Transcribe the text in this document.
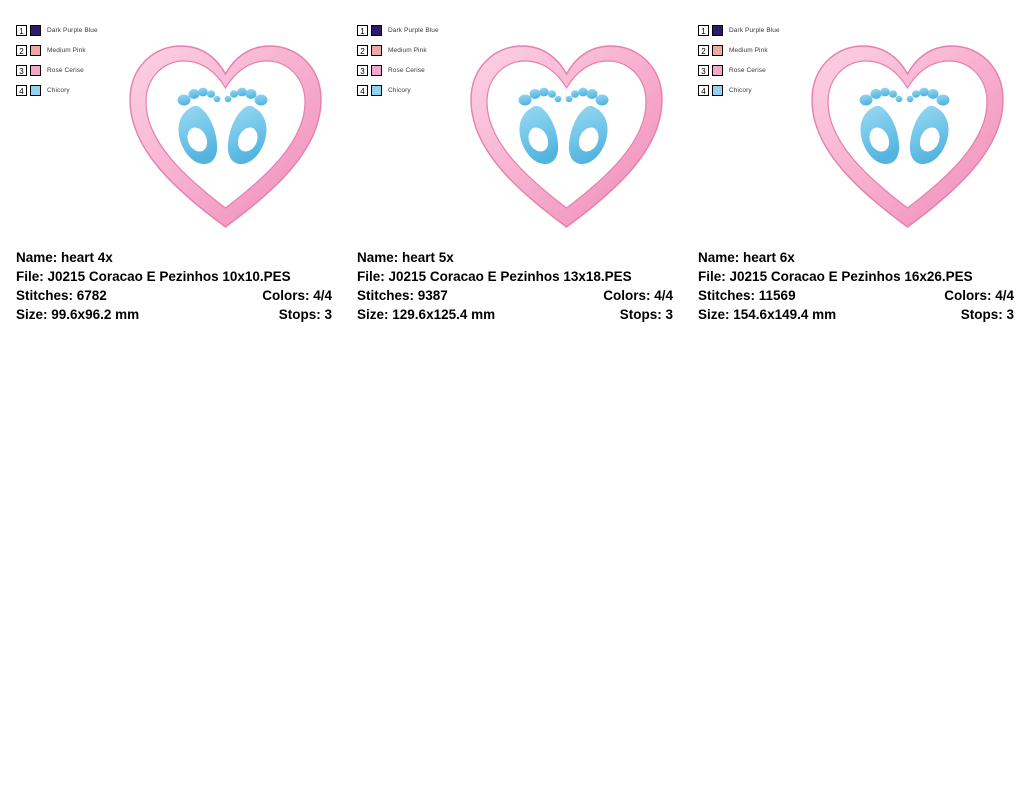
1	Dark Purple Blue
2	Medium Pink
3	Rose Cerise
4	Chicory
Name: heart 4x
File: J0215 Coracao E Pezinhos 10x10.PES
Stitches: 6782	Colors: 4/4
Size: 99.6x96.2 mm	Stops: 3
1	Dark Purple Blue
2	Medium Pink
3	Rose Cerise
4	Chicory
Name: heart 5x
File: J0215 Coracao E Pezinhos 13x18.PES
Stitches: 9387	Colors: 4/4
Size: 129.6x125.4 mm	Stops: 3
1	Dark Purple Blue
2	Medium Pink
3	Rose Cerise
4	Chicory
Name: heart 6x
File: J0215 Coracao E Pezinhos 16x26.PES
Stitches: 11569	Colors: 4/4
Size: 154.6x149.4 mm	Stops: 3
